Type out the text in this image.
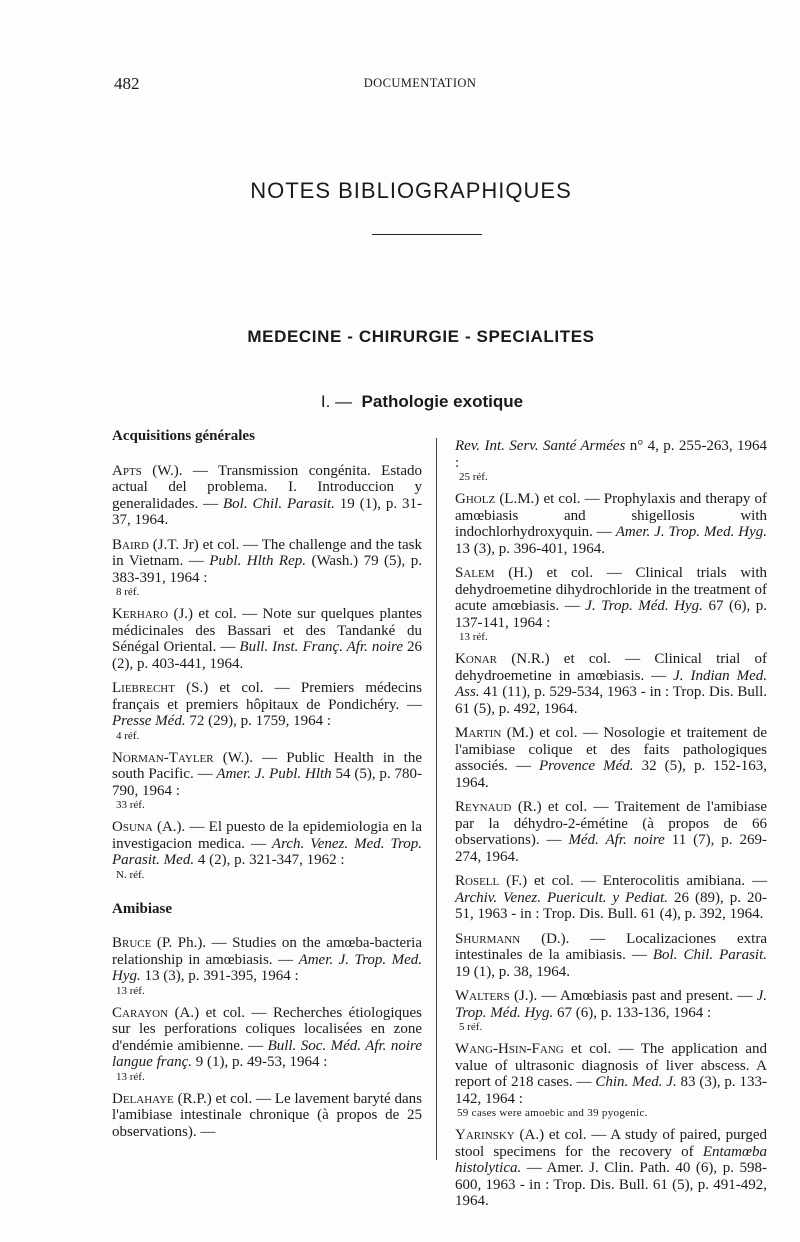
482	DOCUMENTATION
NOTES BIBLIOGRAPHIQUES
MEDECINE - CHIRURGIE - SPECIALITES
I. — Pathologie exotique
Acquisitions générales
Apts (W.). — Transmission congénita. Estado actual del problema. I. Introduccion y generalidades. — Bol. Chil. Parasit. 19 (1), p. 31-37, 1964.
Baird (J.T. Jr) et col. — The challenge and the task in Vietnam. — Publ. Hlth Rep. (Wash.) 79 (5), p. 383-391, 1964 :
8 réf.
Kerharo (J.) et col. — Note sur quelques plantes médicinales des Bassari et des Tandanké du Sénégal Oriental. — Bull. Inst. Franç. Afr. noire 26 (2), p. 403-441, 1964.
Liebrecht (S.) et col. — Premiers médecins français et premiers hôpitaux de Pondichéry. — Presse Méd. 72 (29), p. 1759, 1964 :
4 réf.
Norman-Tayler (W.). — Public Health in the south Pacific. — Amer. J. Publ. Hlth 54 (5), p. 780-790, 1964 :
33 réf.
Osuna (A.). — El puesto de la epidemiologia en la investigacion medica. — Arch. Venez. Med. Trop. Parasit. Med. 4 (2), p. 321-347, 1962 :
N. réf.
Amibiase
Bruce (P. Ph.). — Studies on the amœba-bacteria relationship in amœbiasis. — Amer. J. Trop. Med. Hyg. 13 (3), p. 391-395, 1964 :
13 réf.
Carayon (A.) et col. — Recherches étiologiques sur les perforations coliques localisées en zone d'endémie amibienne. — Bull. Soc. Méd. Afr. noire langue franç. 9 (1), p. 49-53, 1964 :
13 réf.
Delahaye (R.P.) et col. — Le lavement baryté dans l'amibiase intestinale chronique (à propos de 25 observations). —
Rev. Int. Serv. Santé Armées n° 4, p. 255-263, 1964 :
25 réf.
Gholz (L.M.) et col. — Prophylaxis and therapy of amœbiasis and shigellosis with indochlorhydroxyquin. — Amer. J. Trop. Med. Hyg. 13 (3), p. 396-401, 1964.
Salem (H.) et col. — Clinical trials with dehydroemetine dihydrochloride in the treatment of acute amœbiasis. — J. Trop. Méd. Hyg. 67 (6), p. 137-141, 1964 :
13 réf.
Konar (N.R.) et col. — Clinical trial of dehydroemetine in amœbiasis. — J. Indian Med. Ass. 41 (11), p. 529-534, 1963 - in : Trop. Dis. Bull. 61 (5), p. 492, 1964.
Martin (M.) et col. — Nosologie et traitement de l'amibiase colique et des faits pathologiques associés. — Provence Méd. 32 (5), p. 152-163, 1964.
Reynaud (R.) et col. — Traitement de l'amibiase par la déhydro-2-émétine (à propos de 66 observations). — Méd. Afr. noire 11 (7), p. 269-274, 1964.
Rosell (F.) et col. — Enterocolitis amibiana. — Archiv. Venez. Puericult. y Pediat. 26 (89), p. 20-51, 1963 - in : Trop. Dis. Bull. 61 (4), p. 392, 1964.
Shurmann (D.). — Localizaciones extra intestinales de la amibiasis. — Bol. Chil. Parasit. 19 (1), p. 38, 1964.
Walters (J.). — Amœbiasis past and present. — J. Trop. Méd. Hyg. 67 (6), p. 133-136, 1964 :
5 réf.
Wang-Hsin-Fang et col. — The application and value of ultrasonic diagnosis of liver abscess. A report of 218 cases. — Chin. Med. J. 83 (3), p. 133-142, 1964 :
59 cases were amoebic and 39 pyogenic.
Yarinsky (A.) et col. — A study of paired, purged stool specimens for the recovery of Entamœba histolytica. — Amer. J. Clin. Path. 40 (6), p. 598-600, 1963 - in : Trop. Dis. Bull. 61 (5), p. 491-492, 1964.
